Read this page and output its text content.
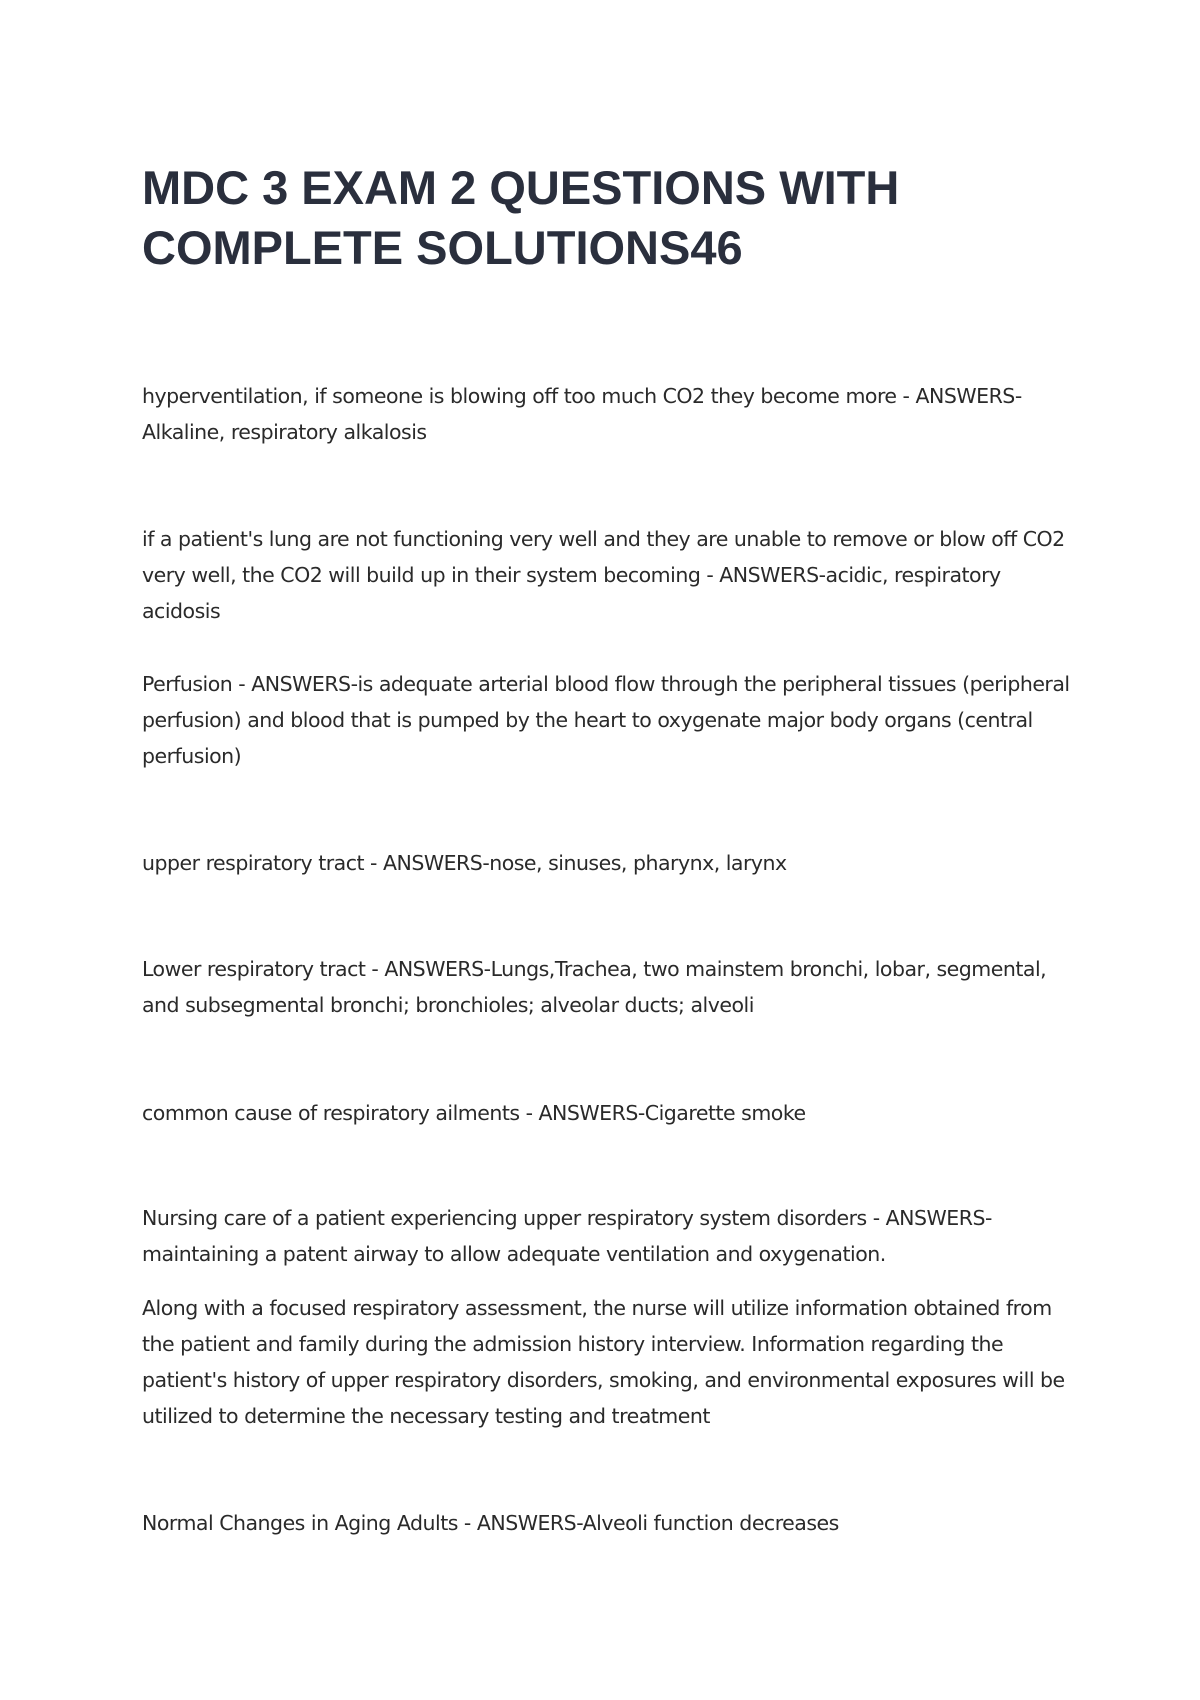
MDC 3 EXAM 2 QUESTIONS WITH COMPLETE SOLUTIONS46

hyperventilation, if someone is blowing off too much CO2 they become more - ANSWERS-Alkaline, respiratory alkalosis

if a patient's lung are not functioning very well and they are unable to remove or blow off CO2 very well, the CO2 will build up in their system becoming - ANSWERS-acidic, respiratory acidosis

Perfusion - ANSWERS-is adequate arterial blood flow through the peripheral tissues (peripheral perfusion) and blood that is pumped by the heart to oxygenate major body organs (central perfusion)

upper respiratory tract - ANSWERS-nose, sinuses, pharynx, larynx

Lower respiratory tract - ANSWERS-Lungs,Trachea, two mainstem bronchi, lobar, segmental, and subsegmental bronchi; bronchioles; alveolar ducts; alveoli

common cause of respiratory ailments - ANSWERS-Cigarette smoke

Nursing care of a patient experiencing upper respiratory system disorders - ANSWERS-maintaining a patent airway to allow adequate ventilation and oxygenation.

Along with a focused respiratory assessment, the nurse will utilize information obtained from the patient and family during the admission history interview. Information regarding the patient's history of upper respiratory disorders, smoking, and environmental exposures will be utilized to determine the necessary testing and treatment

Normal Changes in Aging Adults - ANSWERS-Alveoli function decreases
